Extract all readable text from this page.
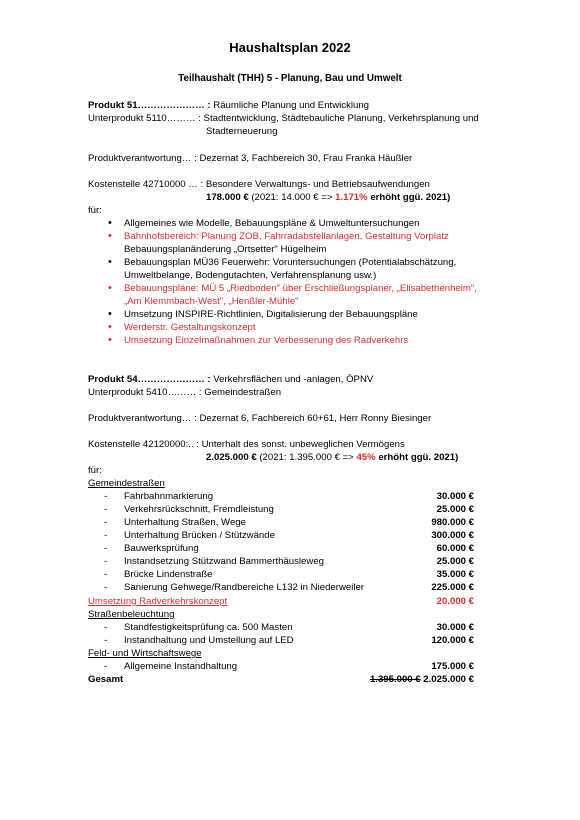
Haushaltsplan 2022
Teilhaushalt (THH) 5 - Planung, Bau und Umwelt
Produkt 51………………… : Räumliche Planung und Entwicklung
Unterprodukt 5110……… : Stadtentwicklung, Städtebauliche Planung, Verkehrsplanung und
Stadterneuerung
Produktverantwortung… : Dezernat 3, Fachbereich 30, Frau Franka Häußler
Kostenstelle 42710000 … : Besondere Verwaltungs- und Betriebsaufwendungen
178.000 € (2021: 14.000 € => 1.171% erhöht ggü. 2021)
für:
• Allgemeines wie Modelle, Bebauungspläne & Umweltuntersuchungen
• Bahnhofsbereich: Planung ZOB, Fahrradabstellanlagen, Gestaltung Vorplatz
Bebauungsplanänderung „Ortsetter" Hügelheim
• Bebauungsplan MÜ36 Feuerwehr: Voruntersuchungen (Potentialabschätzung,
Umweltbelange, Bodengutachten, Verfahrensplanung usw.)
• Bebauungspläne: MÜ 5 „Riedboden" über Erschließungsplaner, „Elisabethenheim",
„Am Klemmbach-West", „Henßler-Mühle"
• Umsetzung INSPIRE-Richtlinien, Digitalisierung der Bebauungspläne
• Werderstr. Gestaltungskonzept
• Umsetzung Einzelmaßnahmen zur Verbesserung des Radverkehrs
Produkt 54………………… : Verkehrsflächen und -anlagen, ÖPNV
Unterprodukt 5410……… : Gemeindestraßen
Produktverantwortung… : Dezernat 6, Fachbereich 60+61, Herr Ronny Biesinger
Kostenstelle 42120000:.. : Unterhalt des sonst. unbeweglichen Vermögens
2.025.000 € (2021: 1.395.000 € => 45% erhöht ggü. 2021)
für:
Gemeindestraßen
- Fahrbahnmarkierung	30.000 €
- Verkehrsrückschnitt, Fremdleistung	25.000 €
- Unterhaltung Straßen, Wege	980.000 €
- Unterhaltung Brücken / Stützwände	300.000 €
- Bauwerksprüfung	60.000 €
- Instandsetzung Stützwand Bammerthäusleweg	25.000 €
- Brücke Lindenstraße	35.000 €
- Sanierung Gehwege/Randbereiche L132 in Niederweiler	225.000 €
Umsetzung Radverkehrskonzept	20.000 €
Straßenbeleuchtung
- Standfestigkeitsprüfung ca. 500 Masten	30.000 €
- Instandhaltung und Umstellung auf LED	120.000 €
Feld- und Wirtschaftswege
- Allgemeine Instandhaltung	175.000 €
Gesamt	1.395.000 € 2.025.000 €
